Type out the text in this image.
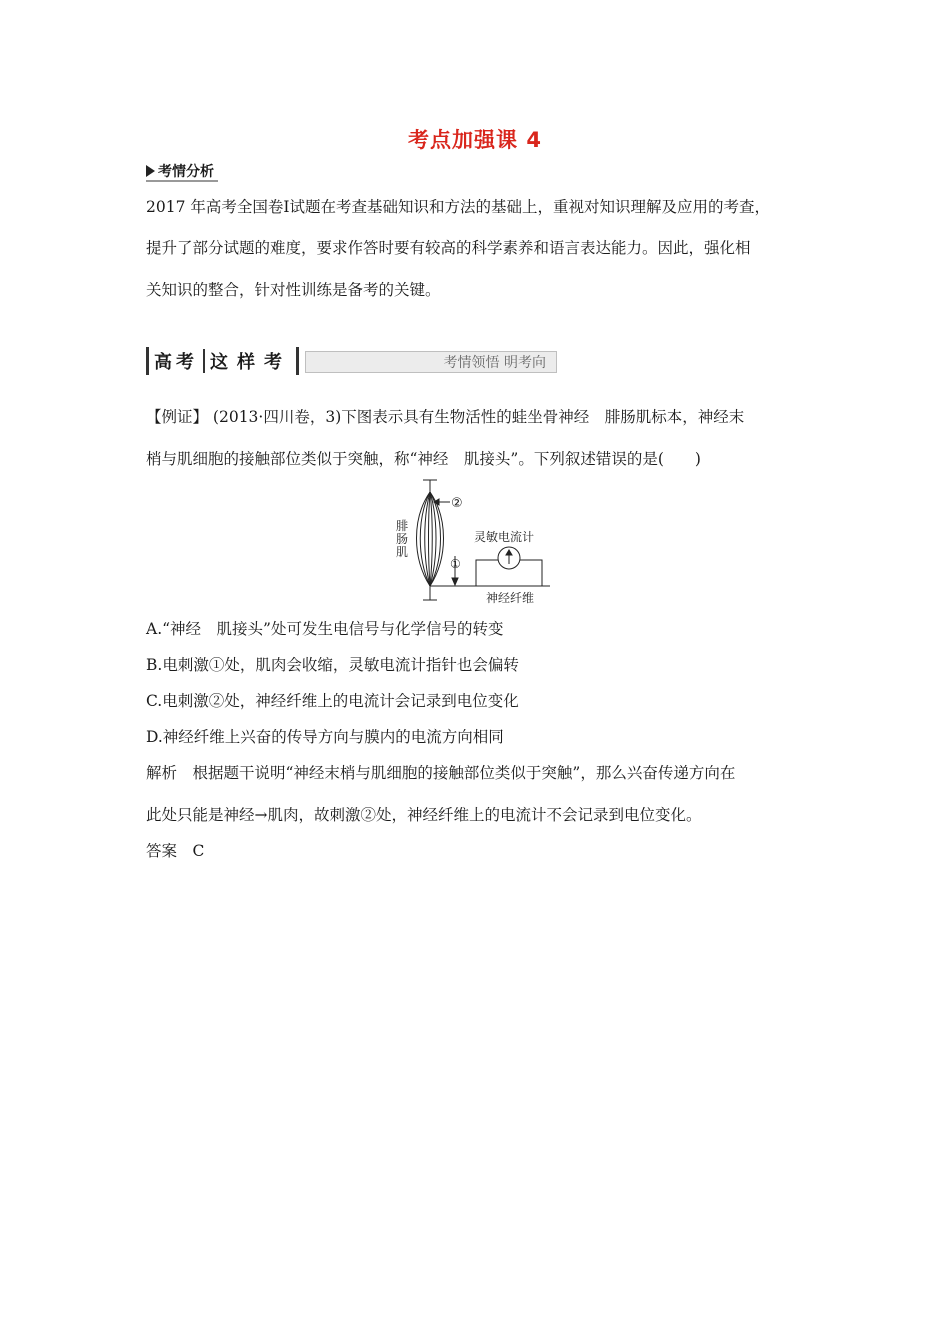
考点加强课 4
考情分析
2017 年高考全国卷Ⅰ试题在考查基础知识和方法的基础上，重视对知识理解及应用的考查，
提升了部分试题的难度，要求作答时要有较高的科学素养和语言表达能力。因此，强化相
关知识的整合，针对性训练是备考的关键。
高考 这样考	考情领悟 明考向
【例证】 (2013·四川卷，3)下图表示具有生物活性的蛙坐骨神经　腓肠肌标本，神经末
梢与肌细胞的接触部位类似于突触，称“神经　肌接头”。下列叙述错误的是(　　)
②
腓
肠
肌
①
灵敏电流计
神经纤维
A.“神经　肌接头”处可发生电信号与化学信号的转变
B.电刺激①处，肌肉会收缩，灵敏电流计指针也会偏转
C.电刺激②处，神经纤维上的电流计会记录到电位变化
D.神经纤维上兴奋的传导方向与膜内的电流方向相同
解析　根据题干说明“神经末梢与肌细胞的接触部位类似于突触”，那么兴奋传递方向在
此处只能是神经→肌肉，故刺激②处，神经纤维上的电流计不会记录到电位变化。
答案　C
